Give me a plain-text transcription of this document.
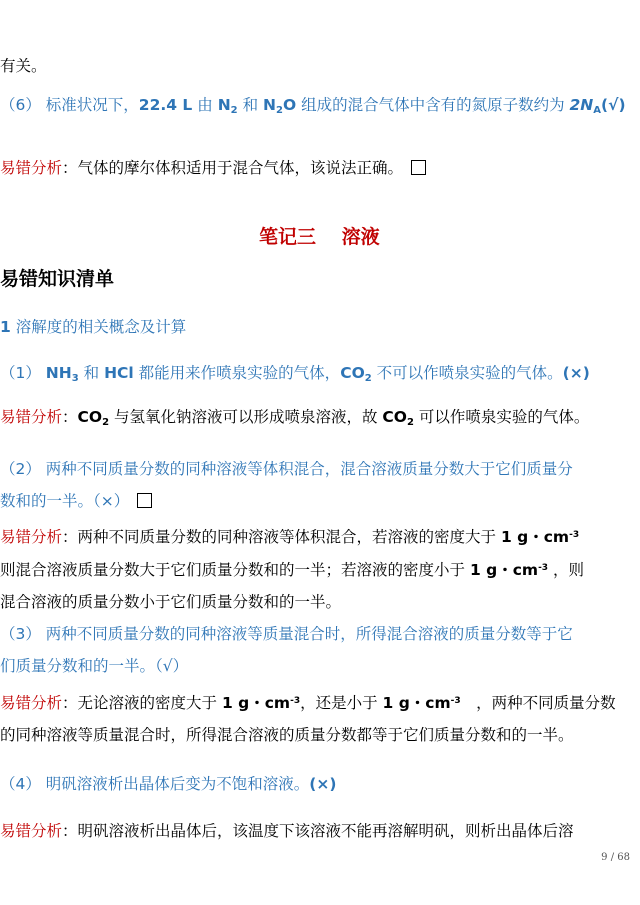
有关。
（6） 标准状况下，22.4 L 由 $N_2$ 和 $N_2O$ 组成的混合气体中含有的氮原子数约为 $2N_A(√)$
易错分析：气体的摩尔体积适用于混合气体，该说法正确。
笔记三　 溶液
易错知识清单
1 溶解度的相关概念及计算
（1） $NH_3$ 和 HCl 都能用来作喷泉实验的气体，$CO_2$ 不可以作喷泉实验的气体。(×)
易错分析：$CO_2$ 与氢氧化钠溶液可以形成喷泉溶液，故 $CO_2$ 可以作喷泉实验的气体。
（2） 两种不同质量分数的同种溶液等体积混合，混合溶液质量分数大于它们质量分
数和的一半。（×）
易错分析：两种不同质量分数的同种溶液等体积混合，若溶液的密度大于 1 g・$cm^{-3}$
则混合溶液质量分数大于它们质量分数和的一半；若溶液的密度小于 1 g・$cm^{-3}$ ，则
混合溶液的质量分数小于它们质量分数和的一半。
（3） 两种不同质量分数的同种溶液等质量混合时，所得混合溶液的质量分数等于它
们质量分数和的一半。（√）
易错分析：无论溶液的密度大于 1 g・$cm^{-3}$，还是小于 1 g・$cm^{-3}$　，两种不同质量分数
的同种溶液等质量混合时，所得混合溶液的质量分数都等于它们质量分数和的一半。
（4） 明矾溶液析出晶体后变为不饱和溶液。(×)
易错分析：明矾溶液析出晶体后，该温度下该溶液不能再溶解明矾，则析出晶体后溶
9 / 68
